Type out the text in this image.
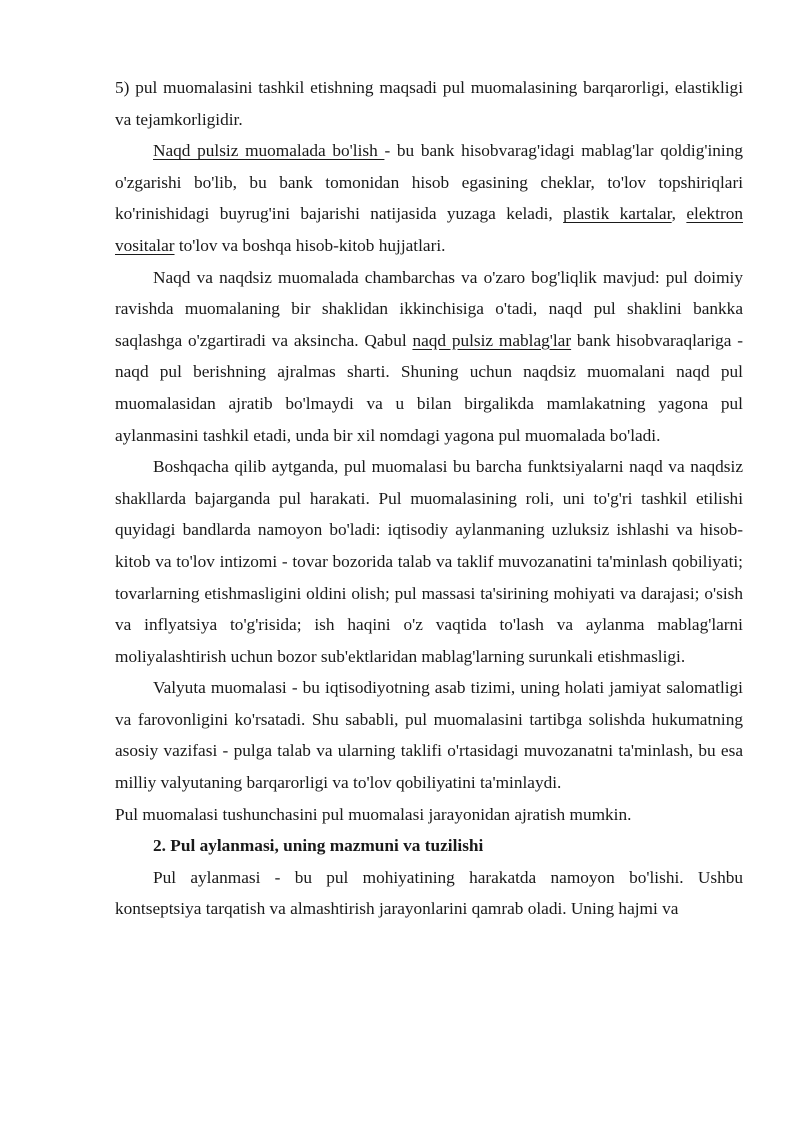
5) pul muomalasini tashkil etishning maqsadi pul muomalasining barqarorligi, elastikligi va tejamkorligidir.

Naqd pulsiz muomalada bo'lish - bu bank hisobvarag'idagi mablag'lar qoldig'ining o'zgarishi bo'lib, bu bank tomonidan hisob egasining cheklar, to'lov topshiriqlari ko'rinishidagi buyrug'ini bajarishi natijasida yuzaga keladi, plastik kartalar, elektron vositalar to'lov va boshqa hisob-kitob hujjatlari.

Naqd va naqdsiz muomalada chambarchas va o'zaro bog'liqlik mavjud: pul doimiy ravishda muomalaning bir shaklidan ikkinchisiga o'tadi, naqd pul shaklini bankka saqlashga o'zgartiradi va aksincha. Qabul naqd pulsiz mablag'lar bank hisobvaraqlariga - naqd pul berishning ajralmas sharti. Shuning uchun naqdsiz muomalani naqd pul muomalasidan ajratib bo'lmaydi va u bilan birgalikda mamlakatning yagona pul aylanmasini tashkil etadi, unda bir xil nomdagi yagona pul muomalada bo'ladi.

Boshqacha qilib aytganda, pul muomalasi bu barcha funktsiyalarni naqd va naqdsiz shakllarda bajarganda pul harakati. Pul muomalasining roli, uni to'g'ri tashkil etilishi quyidagi bandlarda namoyon bo'ladi: iqtisodiy aylanmaning uzluksiz ishlashi va hisob-kitob va to'lov intizomi - tovar bozorida talab va taklif muvozanatini ta'minlash qobiliyati; tovarlarning etishmasligini oldini olish; pul massasi ta'sirining mohiyati va darajasi; o'sish va inflyatsiya to'g'risida; ish haqini o'z vaqtida to'lash va aylanma mablag'larni moliyalashtirish uchun bozor sub'ektlaridan mablag'larning surunkali etishmasligi.

Valyuta muomalasi - bu iqtisodiyotning asab tizimi, uning holati jamiyat salomatligi va farovonligini ko'rsatadi. Shu sababli, pul muomalasini tartibga solishda hukumatning asosiy vazifasi - pulga talab va ularning taklifi o'rtasidagi muvozanatni ta'minlash, bu esa milliy valyutaning barqarorligi va to'lov qobiliyatini ta'minlaydi.

Pul muomalasi tushunchasini pul muomalasi jarayonidan ajratish mumkin.

2. Pul aylanmasi, uning mazmuni va tuzilishi

Pul aylanmasi - bu pul mohiyatining harakatda namoyon bo'lishi. Ushbu kontseptsiya tarqatish va almashtirish jarayonlarini qamrab oladi. Uning hajmi va
